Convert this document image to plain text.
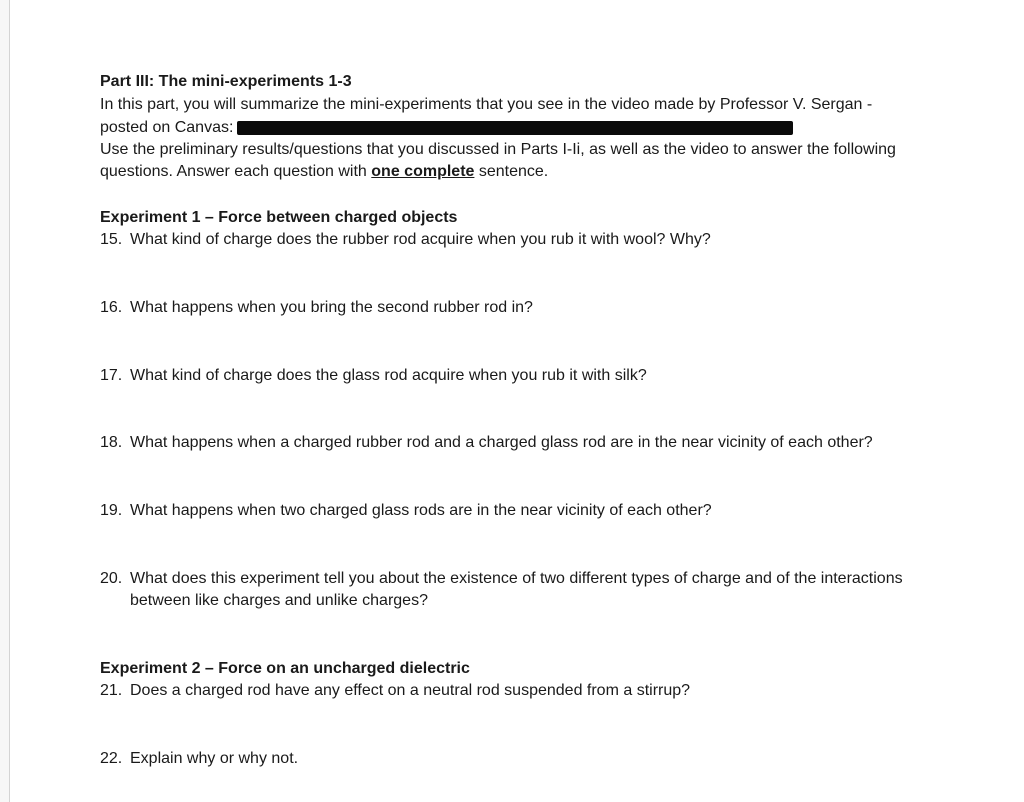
Part III: The mini-experiments 1-3
In this part, you will summarize the mini-experiments that you see in the video made by Professor V. Sergan -
posted on Canvas:
Use the preliminary results/questions that you discussed in Parts I-Ii, as well as the video to answer the following
questions. Answer each question with one complete sentence.
Experiment 1 – Force between charged objects
15. What kind of charge does the rubber rod acquire when you rub it with wool? Why?
16. What happens when you bring the second rubber rod in?
17. What kind of charge does the glass rod acquire when you rub it with silk?
18. What happens when a charged rubber rod and a charged glass rod are in the near vicinity of each other?
19. What happens when two charged glass rods are in the near vicinity of each other?
20. What does this experiment tell you about the existence of two different types of charge and of the interactions
between like charges and unlike charges?
Experiment 2 – Force on an uncharged dielectric
21. Does a charged rod have any effect on a neutral rod suspended from a stirrup?
22. Explain why or why not.
